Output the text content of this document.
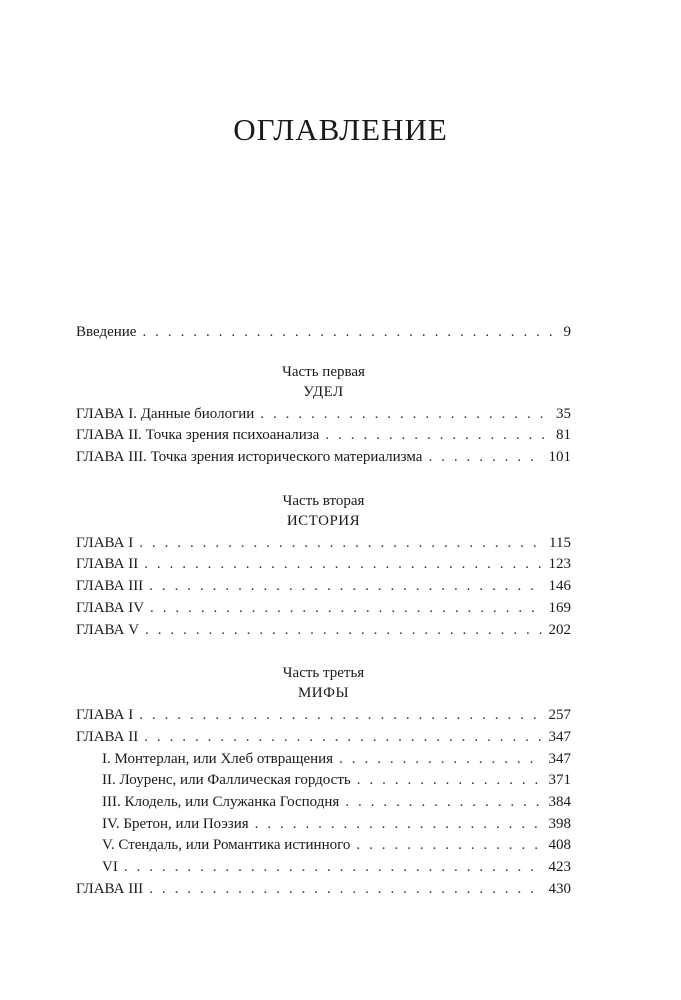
ОГЛАВЛЕНИЕ
Введение . . .	9
Часть первая
УДЕЛ
ГЛАВА I. Данные биологии . . .	35
ГЛАВА II. Точка зрения психоанализа . . .	81
ГЛАВА III. Точка зрения исторического материализма . . .	101
Часть вторая
ИСТОРИЯ
ГЛАВА I . . .	115
ГЛАВА II . . .	123
ГЛАВА III . . .	146
ГЛАВА IV . . .	169
ГЛАВА V . . .	202
Часть третья
МИФЫ
ГЛАВА I . . .	257
ГЛАВА II . . .	347
I. Монтерлан, или Хлеб отвращения . . .	347
II. Лоуренс, или Фаллическая гордость . . .	371
III. Клодель, или Служанка Господня . . .	384
IV. Бретон, или Поэзия . . .	398
V. Стендаль, или Романтика истинного . . .	408
VI . . .	423
ГЛАВА III . . .	430
